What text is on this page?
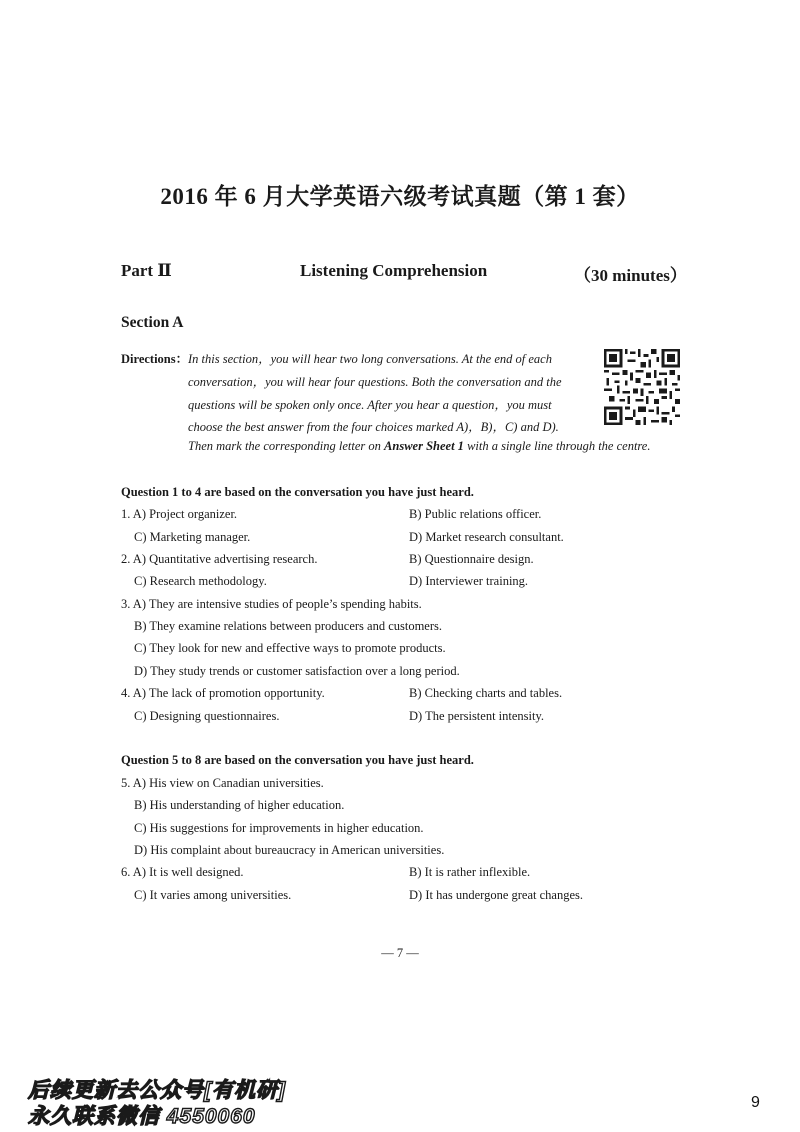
2016 年 6 月大学英语六级考试真题（第 1 套）
Part Ⅱ	Listening Comprehension	（30 minutes）
Section A
Directions： In this section，you will hear two long conversations. At the end of each
conversation，you will hear four questions. Both the conversation and the
questions will be spoken only once. After you hear a question，you must
choose the best answer from the four choices marked A)，B)，C) and D).
Then mark the corresponding letter on Answer Sheet 1 with a single line through the centre.
Question 1 to 4 are based on the conversation you have just heard.
1. A) Project organizer.	B) Public relations officer.
C) Marketing manager.	D) Market research consultant.
2. A) Quantitative advertising research.	B) Questionnaire design.
C) Research methodology.	D) Interviewer training.
3. A) They are intensive studies of people’s spending habits.
B) They examine relations between producers and customers.
C) They look for new and effective ways to promote products.
D) They study trends or customer satisfaction over a long period.
4. A) The lack of promotion opportunity.	B) Checking charts and tables.
C) Designing questionnaires.	D) The persistent intensity.
Question 5 to 8 are based on the conversation you have just heard.
5. A) His view on Canadian universities.
B) His understanding of higher education.
C) His suggestions for improvements in higher education.
D) His complaint about bureaucracy in American universities.
6. A) It is well designed.	B) It is rather inflexible.
C) It varies among universities.	D) It has undergone great changes.
— 7 —
后续更新去公众号[有机研]
永久联系微信 4550060
9
